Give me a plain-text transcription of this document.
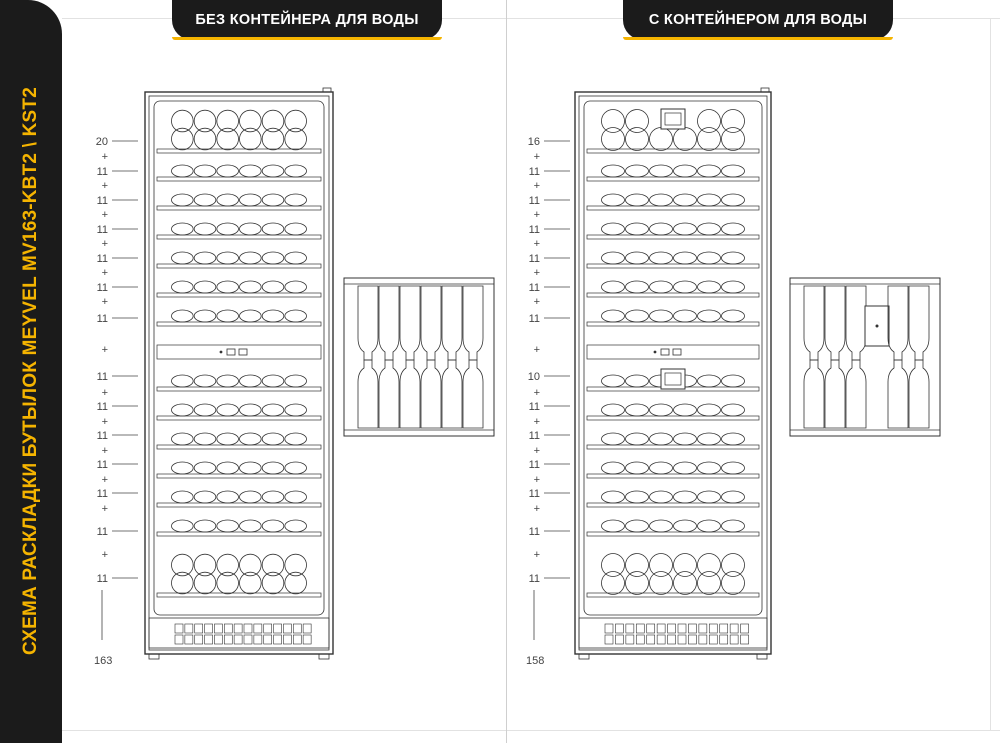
СХЕМА РАСКЛАДКИ БУТЫЛОК MEYVEL MV163-KBT2 \ KST2
БЕЗ КОНТЕЙНЕРА ДЛЯ ВОДЫ	С КОНТЕЙНЕРОМ ДЛЯ ВОДЫ
20
+
11
+
11
+
11
+
11
+
11
+
11
+
11
+
11
+
11
+
11
+
11
+
11
+
11
163
16
+
11
+
11
+
11
+
11
+
11
+
11
+
10
+
11
+
11
+
11
+
11
+
11
+
11
158
